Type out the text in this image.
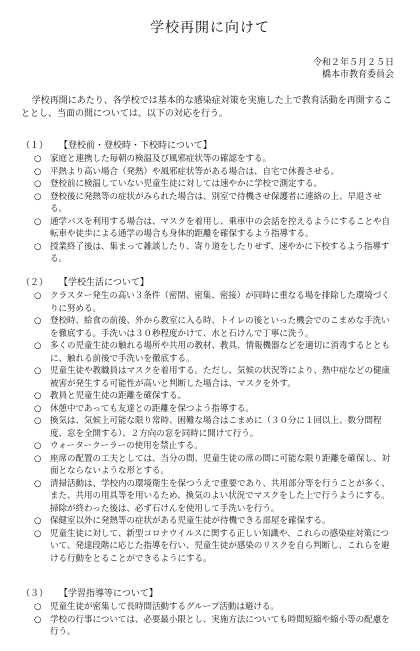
学校再開に向けて
令和２年５月２５日
橋本市教育委員会
学校再開にあたり、各学校では基本的な感染症対策を実施した上で教育活動を再開することとし、当面の間については、以下の対応を行う。
（１） 【登校前・登校時・下校時について】
○ 家庭と連携した毎朝の検温及び風邪症状等の確認をする。
○ 平熱より高い場合（発熱）や風邪症状等がある場合は、自宅で休養させる。
○ 登校前に検温していない児童生徒に対しては速やかに学校で測定する。
○ 登校後に発熱等の症状がみられた場合は、別室で待機させ保護者に連絡の上、早退させる。
○ 通学バスを利用する場合は、マスクを着用し、乗車中の会話を控えるようにすることや自転車や徒歩による通学の場合も身体的距離を確保するよう指導する。
○ 授業終了後は、集まって雑談したり、寄り道をしたりせず、速やかに下校するよう指導する。
（２） 【学校生活について】
○ クラスター発生の高い３条件（密閉、密集、密接）が同時に重なる場を排除した環境づくりに努める。
○ 登校時、給食の前後、外から教室に入る時、トイレの後といった機会でのこまめな手洗いを徹底する。手洗いは３０秒程度かけて、水と石けんで丁寧に洗う。
○ 多くの児童生徒の触れる場所や共用の教材、教具、情報機器などを適切に消毒するとともに、触れる前後で手洗いを徹底する。
○ 児童生徒や教職員はマスクを着用する。ただし、気候の状況等により、熱中症などの健康被害が発生する可能性が高いと判断した場合は、マスクを外す。
○ 教員と児童生徒の距離を確保する。
○ 休憩中であっても友達との距離を保つよう指導する。
○ 換気は、気候上可能な限り常時、困難な場合はこまめに（３０分に１回以上、数分間程度、窓を全開する）、２方向の窓を同時に開けて行う。
○ ウォータークーラーの使用を禁止する。
○ 座席の配置の工夫としては、当分の間、児童生徒の席の間に可能な限り距離を確保し、対面とならないような形とする。
○ 清掃活動は、学校内の環境衛生を保つうえで重要であり、共用部分等を行うことが多く、また、共用の用具等を用いるため、換気のよい状況でマスクをした上で行うようにする。掃除が終わった後は、必ず石けんを使用して手洗いを行う。
○ 保健室以外に発熱等の症状がある児童生徒が待機できる部屋を確保する。
○ 児童生徒に対して、新型コロナウイルスに関する正しい知識や、これらの感染症対策について、発達段階に応じた指導を行い、児童生徒が感染のリスクを自ら判断し、これらを避ける行動をとることができるようにする。
（３） 【学習指導等について】
○ 児童生徒が密集して長時間活動するグループ活動は避ける。
○ 学校の行事については、必要最小限とし、実施方法についても時間短縮や縮小等の配慮を行う。
